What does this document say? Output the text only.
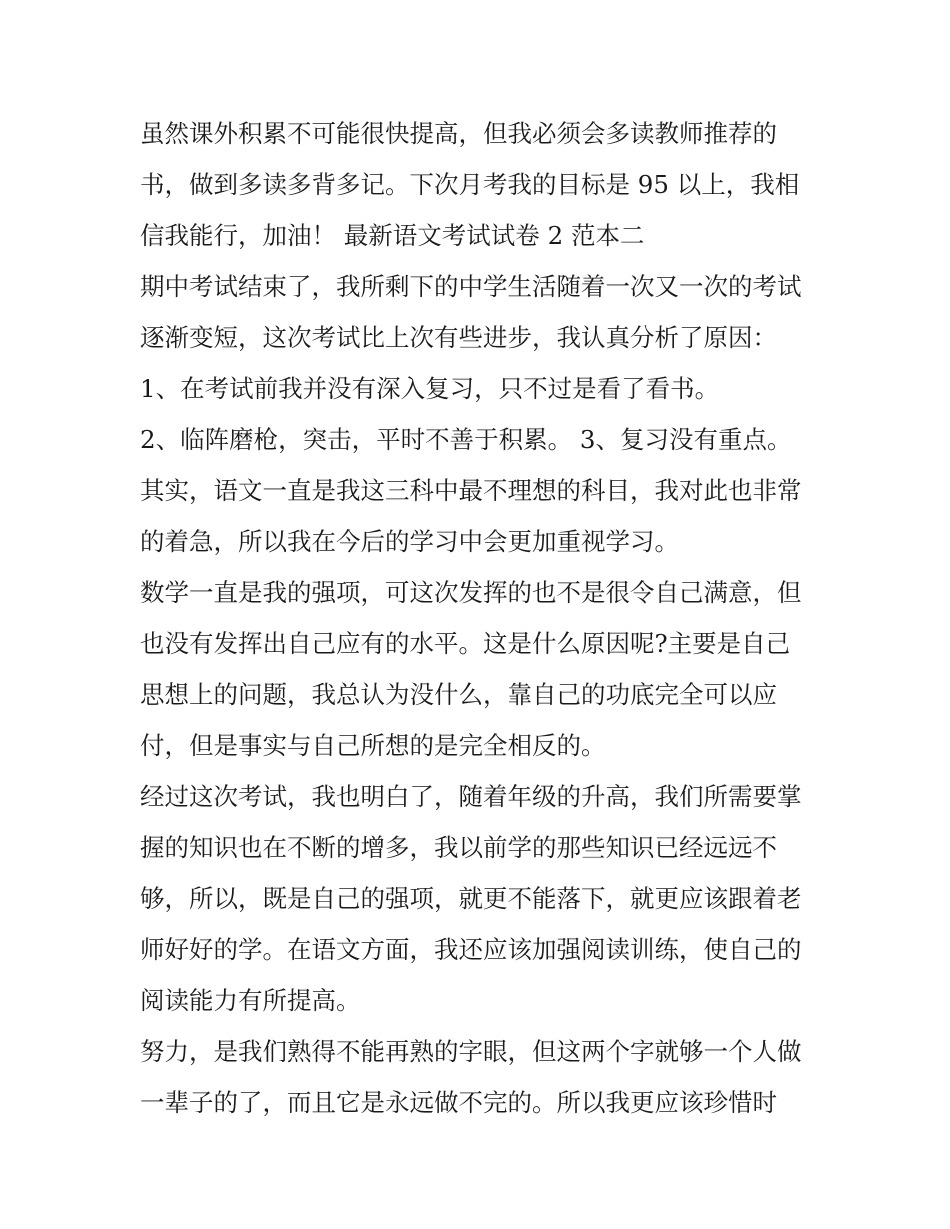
虽然课外积累不可能很快提高，但我必须会多读教师推荐的
书，做到多读多背多记。下次月考我的目标是 95 以上，我相
信我能行，加油！ 最新语文考试试卷 2 范本二
期中考试结束了，我所剩下的中学生活随着一次又一次的考试
逐渐变短，这次考试比上次有些进步，我认真分析了原因：
1、在考试前我并没有深入复习，只不过是看了看书。
2、临阵磨枪，突击，平时不善于积累。 3、复习没有重点。
其实，语文一直是我这三科中最不理想的科目，我对此也非常
的着急，所以我在今后的学习中会更加重视学习。
数学一直是我的强项，可这次发挥的也不是很令自己满意，但
也没有发挥出自己应有的水平。这是什么原因呢?主要是自己
思想上的问题，我总认为没什么，靠自己的功底完全可以应
付，但是事实与自己所想的是完全相反的。
经过这次考试，我也明白了，随着年级的升高，我们所需要掌
握的知识也在不断的增多，我以前学的那些知识已经远远不
够，所以，既是自己的强项，就更不能落下，就更应该跟着老
师好好的学。在语文方面，我还应该加强阅读训练，使自己的
阅读能力有所提高。
努力，是我们熟得不能再熟的字眼，但这两个字就够一个人做
一辈子的了，而且它是永远做不完的。所以我更应该珍惜时
